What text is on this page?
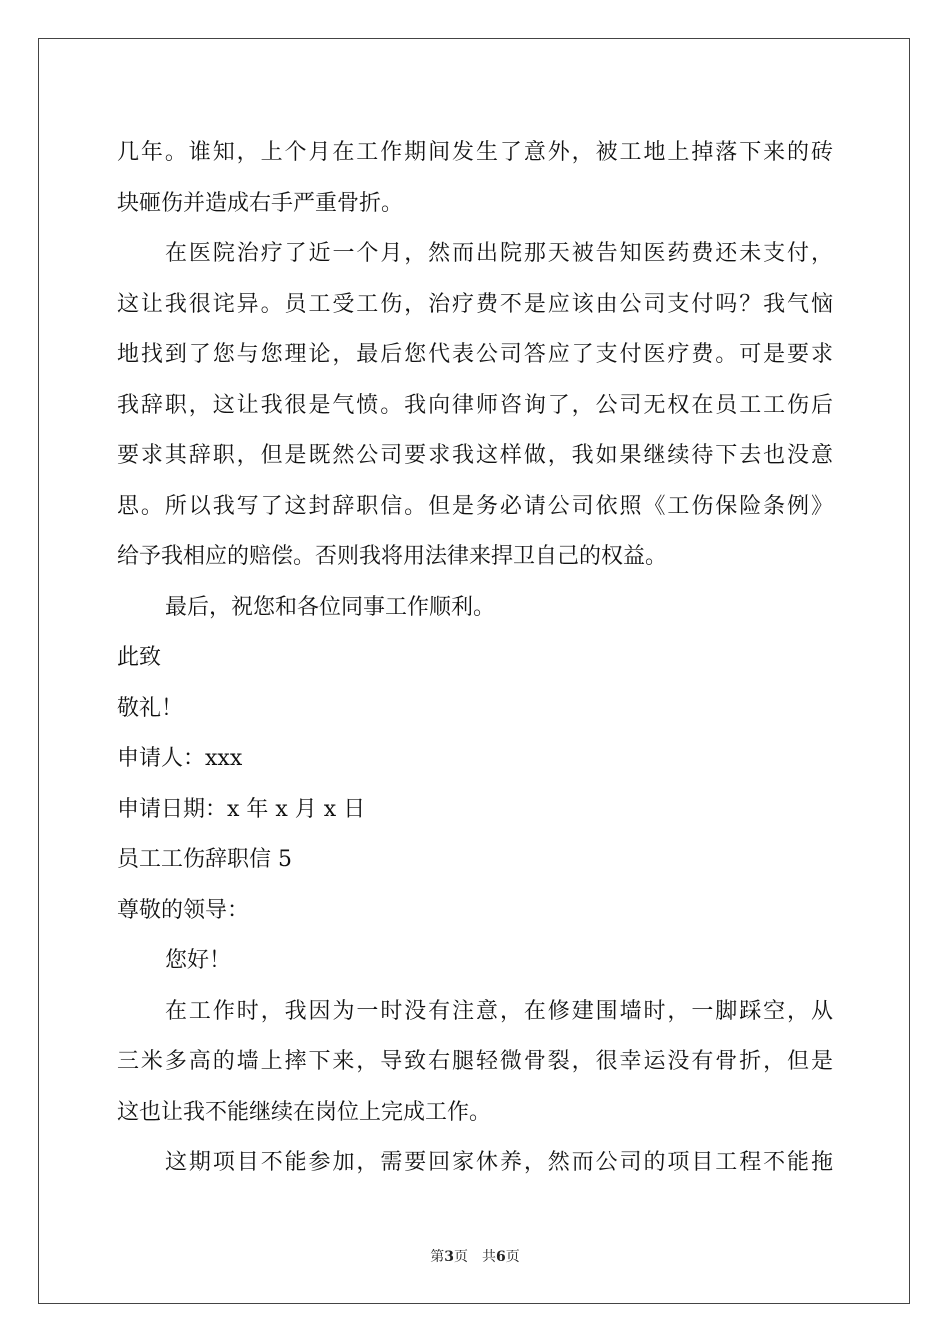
几年。谁知，上个月在工作期间发生了意外，被工地上掉落下来的砖
块砸伤并造成右手严重骨折。
在医院治疗了近一个月，然而出院那天被告知医药费还未支付，
这让我很诧异。员工受工伤，治疗费不是应该由公司支付吗？我气恼
地找到了您与您理论，最后您代表公司答应了支付医疗费。可是要求
我辞职，这让我很是气愤。我向律师咨询了，公司无权在员工工伤后
要求其辞职，但是既然公司要求我这样做，我如果继续待下去也没意
思。所以我写了这封辞职信。但是务必请公司依照《工伤保险条例》
给予我相应的赔偿。否则我将用法律来捍卫自己的权益。
最后，祝您和各位同事工作顺利。
此致
敬礼！
申请人：xxx
申请日期：x 年 x 月 x 日
员工工伤辞职信 5
尊敬的领导：
您好！
在工作时，我因为一时没有注意，在修建围墙时，一脚踩空，从
三米多高的墙上摔下来，导致右腿轻微骨裂，很幸运没有骨折，但是
这也让我不能继续在岗位上完成工作。
这期项目不能参加，需要回家休养，然而公司的项目工程不能拖
第3页 共6页
